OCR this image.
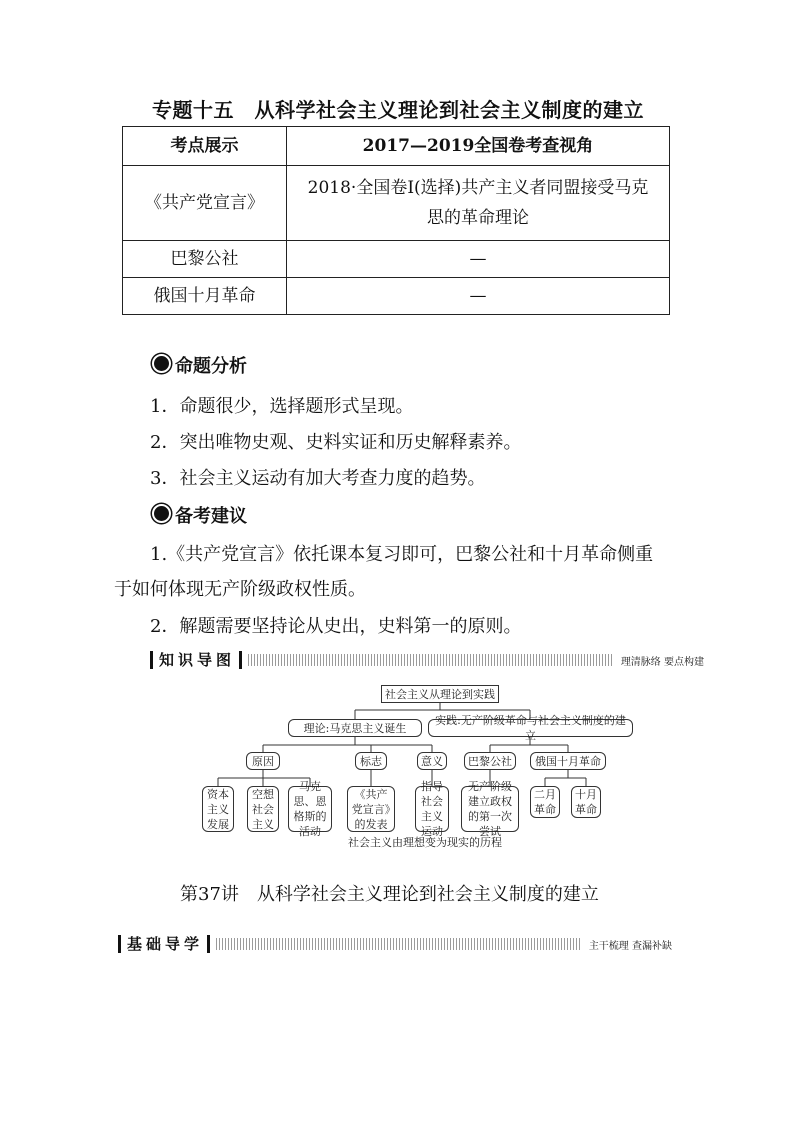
专题十五　从科学社会主义理论到社会主义制度的建立
考点展示	2017—2019全国卷考查视角
《共产党宣言》	2018·全国卷Ⅰ(选择)共产主义者同盟接受马克思的革命理论
巴黎公社	—
俄国十月革命	—
命题分析
1．命题很少，选择题形式呈现。
2．突出唯物史观、史料实证和历史解释素养。
3．社会主义运动有加大考查力度的趋势。
备考建议
1.《共产党宣言》依托课本复习即可，巴黎公社和十月革命侧重
于如何体现无产阶级政权性质。
2．解题需要坚持论从史出，史料第一的原则。
知识导图	理清脉络 要点构建
社会主义从理论到实践
理论:马克思主义诞生
实践:无产阶级革命与社会主义制度的建立
原因	标志	意义	巴黎公社	俄国十月革命
资本主义发展
空想社会主义
马克思、恩格斯的活动
《共产党宣言》的发表
指导社会主义运动
无产阶级建立政权的第一次尝试
二月革命
十月革命
社会主义由理想变为现实的历程
第37讲　从科学社会主义理论到社会主义制度的建立
基础导学	主干梳理 查漏补缺
